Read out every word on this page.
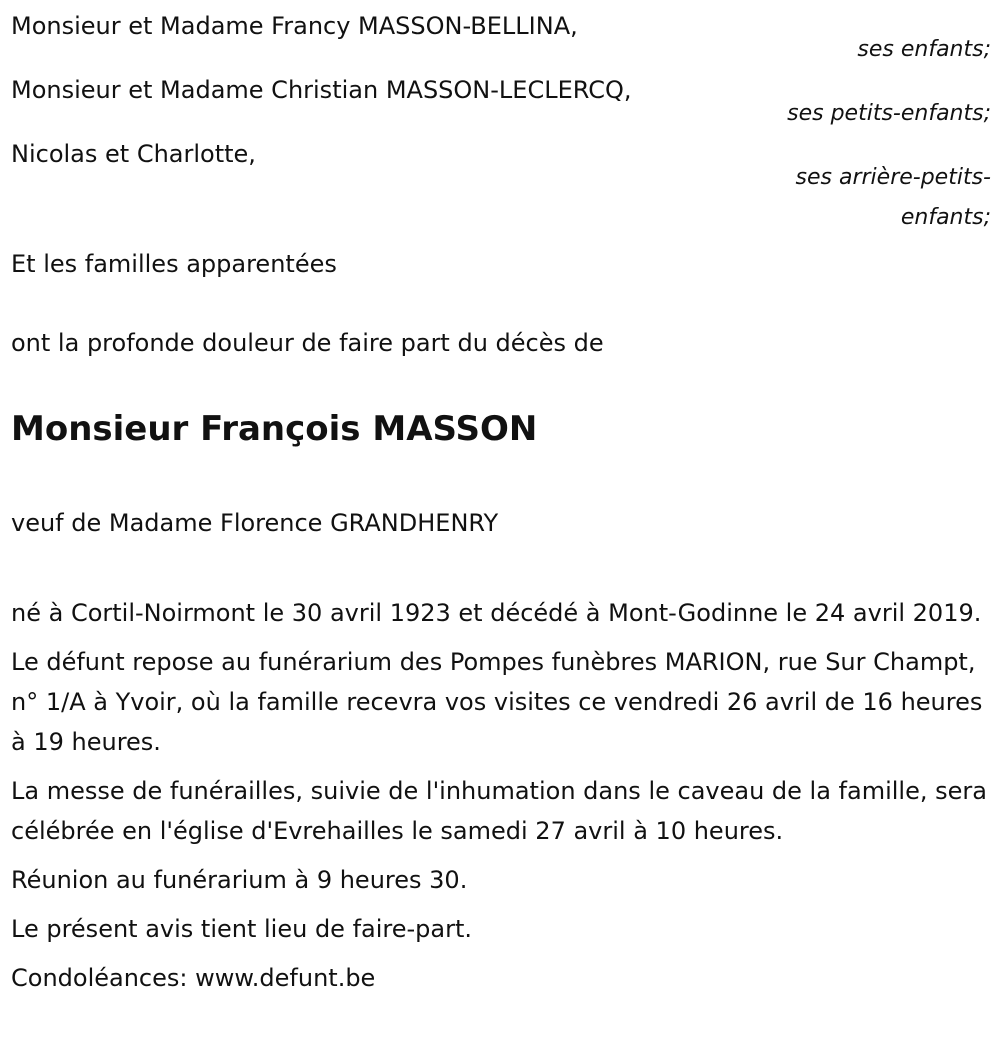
Monsieur et Madame Francy MASSON-BELLINA,
ses enfants;
Monsieur et Madame Christian MASSON-LECLERCQ,
ses petits-enfants;
Nicolas et Charlotte,
ses arrière-petits-enfants;

Et les familles apparentées

ont la profonde douleur de faire part du décès de

Monsieur François MASSON

veuf de Madame Florence GRANDHENRY

né à Cortil-Noirmont le 30 avril 1923 et décédé à Mont-Godinne le 24 avril 2019.

Le défunt repose au funérarium des Pompes funèbres MARION, rue Sur Champt, n° 1/A à Yvoir, où la famille recevra vos visites ce vendredi 26 avril de 16 heures à 19 heures.

La messe de funérailles, suivie de l'inhumation dans le caveau de la famille, sera célébrée en l'église d'Evrehailles le samedi 27 avril à 10 heures.

Réunion au funérarium à 9 heures 30.

Le présent avis tient lieu de faire-part.

Condoléances: www.defunt.be
